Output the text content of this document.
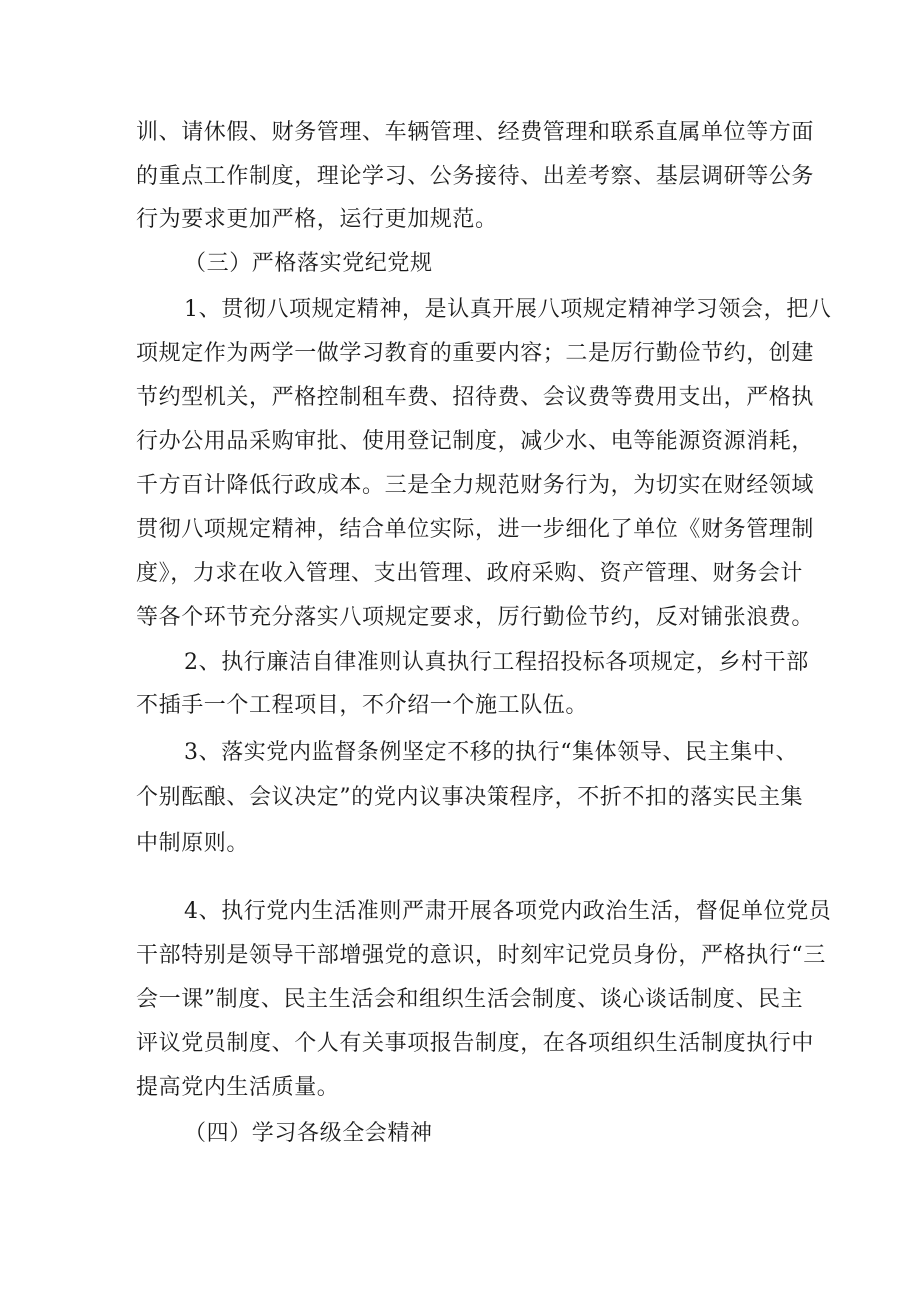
训、请休假、财务管理、车辆管理、经费管理和联系直属单位等方面
的重点工作制度，理论学习、公务接待、出差考察、基层调研等公务
行为要求更加严格，运行更加规范。
（三）严格落实党纪党规
1、贯彻八项规定精神，是认真开展八项规定精神学习领会，把八
项规定作为两学一做学习教育的重要内容；二是厉行勤俭节约，创建
节约型机关，严格控制租车费、招待费、会议费等费用支出，严格执
行办公用品采购审批、使用登记制度，减少水、电等能源资源消耗，
千方百计降低行政成本。三是全力规范财务行为，为切实在财经领域
贯彻八项规定精神，结合单位实际，进一步细化了单位《财务管理制
度》，力求在收入管理、支出管理、政府采购、资产管理、财务会计
等各个环节充分落实八项规定要求，厉行勤俭节约，反对铺张浪费。
2、执行廉洁自律准则认真执行工程招投标各项规定，乡村干部
不插手一个工程项目，不介绍一个施工队伍。
3、落实党内监督条例坚定不移的执行“集体领导、民主集中、
个别酝酿、会议决定”的党内议事决策程序，不折不扣的落实民主集
中制原则。
4、执行党内生活准则严肃开展各项党内政治生活，督促单位党员
干部特别是领导干部增强党的意识，时刻牢记党员身份，严格执行“三
会一课”制度、民主生活会和组织生活会制度、谈心谈话制度、民主
评议党员制度、个人有关事项报告制度，在各项组织生活制度执行中
提高党内生活质量。
（四）学习各级全会精神
